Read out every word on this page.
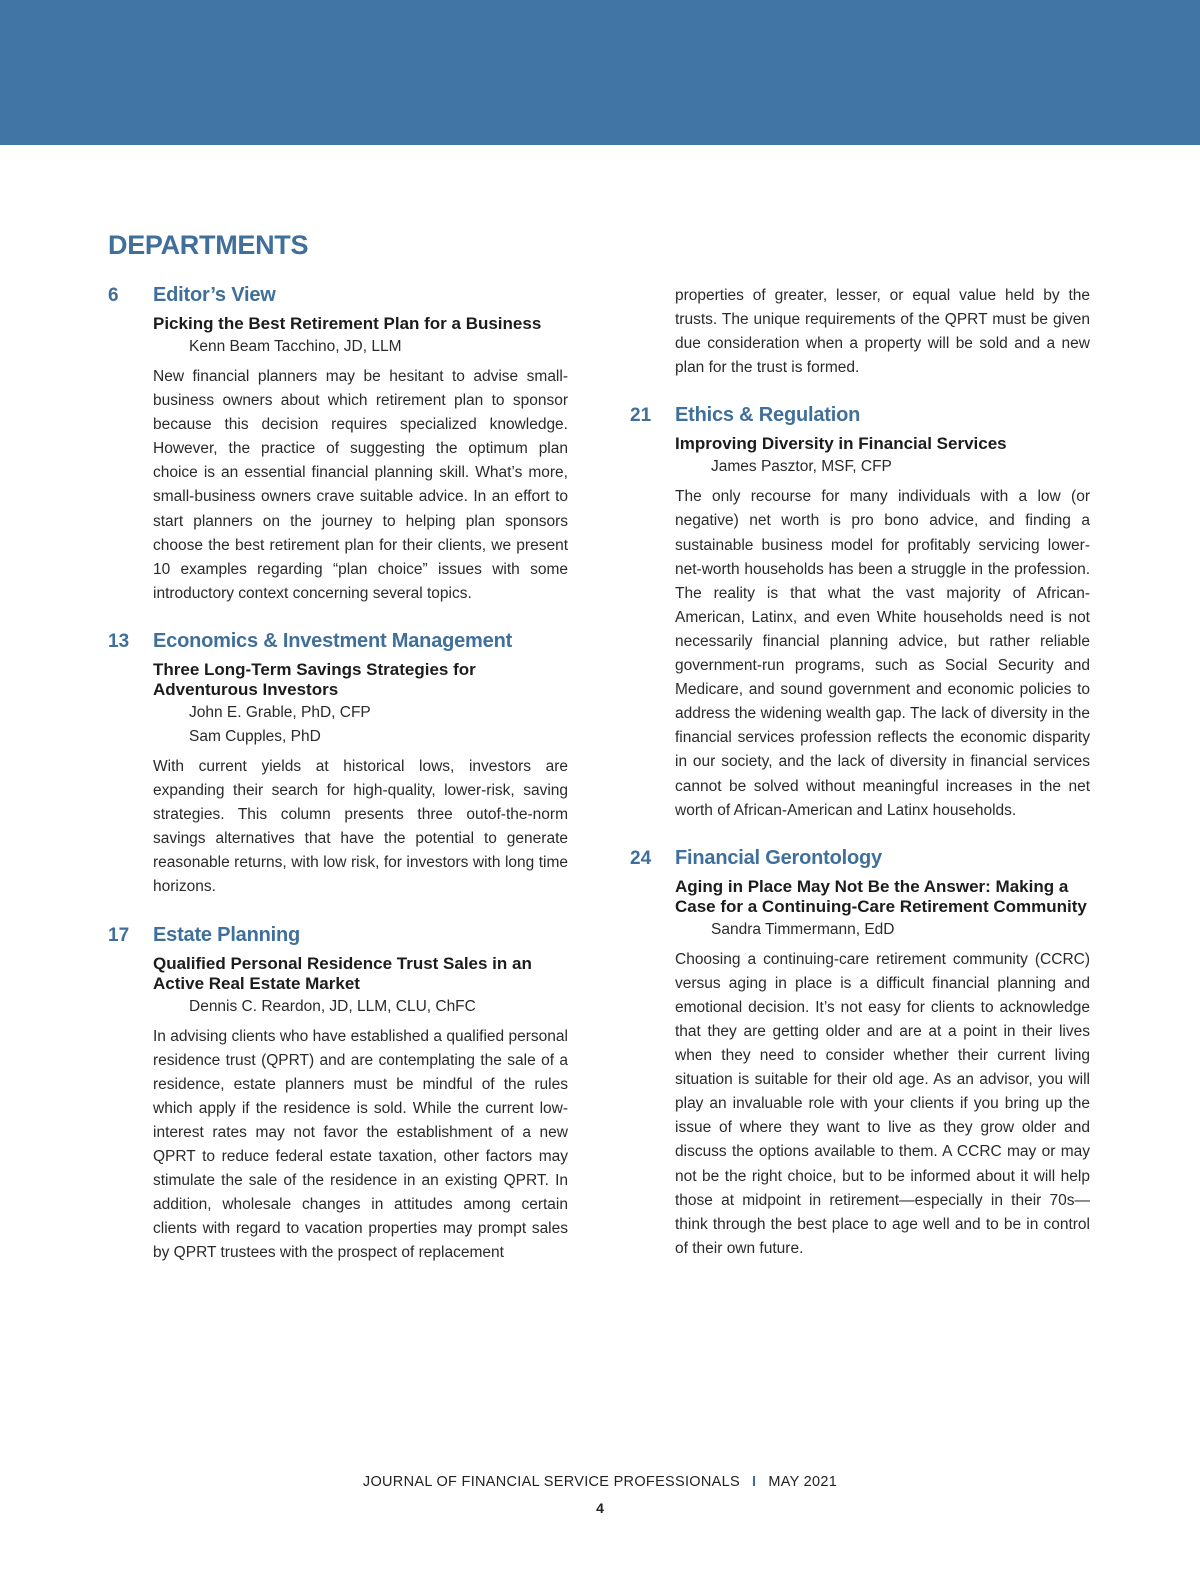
DEPARTMENTS
6	Editor’s View
Picking the Best Retirement Plan for a Business
Kenn Beam Tacchino, JD, LLM

New financial planners may be hesitant to advise small-business owners about which retirement plan to sponsor because this decision requires specialized knowledge. However, the practice of suggesting the optimum plan choice is an essential financial planning skill. What’s more, small-business owners crave suitable advice. In an effort to start planners on the journey to helping plan sponsors choose the best retirement plan for their clients, we present 10 examples regarding “plan choice” issues with some introductory context concerning several topics.

13	Economics & Investment Management
Three Long-Term Savings Strategies for Adventurous Investors
John E. Grable, PhD, CFP
Sam Cupples, PhD

With current yields at historical lows, investors are expanding their search for high-quality, lower-risk, saving strategies. This column presents three outof-the-norm savings alternatives that have the potential to generate reasonable returns, with low risk, for investors with long time horizons.

17	Estate Planning
Qualified Personal Residence Trust Sales in an Active Real Estate Market
Dennis C. Reardon, JD, LLM, CLU, ChFC

In advising clients who have established a qualified personal residence trust (QPRT) and are contemplating the sale of a residence, estate planners must be mindful of the rules which apply if the residence is sold. While the current low-interest rates may not favor the establishment of a new QPRT to reduce federal estate taxation, other factors may stimulate the sale of the residence in an existing QPRT. In addition, wholesale changes in attitudes among certain clients with regard to vacation properties may prompt sales by QPRT trustees with the prospect of replacement

properties of greater, lesser, or equal value held by the trusts. The unique requirements of the QPRT must be given due consideration when a property will be sold and a new plan for the trust is formed.

21	Ethics & Regulation
Improving Diversity in Financial Services
James Pasztor, MSF, CFP

The only recourse for many individuals with a low (or negative) net worth is pro bono advice, and finding a sustainable business model for profitably servicing lower-net-worth households has been a struggle in the profession. The reality is that what the vast majority of African-American, Latinx, and even White households need is not necessarily financial planning advice, but rather reliable government-run programs, such as Social Security and Medicare, and sound government and economic policies to address the widening wealth gap. The lack of diversity in the financial services profession reflects the economic disparity in our society, and the lack of diversity in financial services cannot be solved without meaningful increases in the net worth of African-American and Latinx households.

24	Financial Gerontology
Aging in Place May Not Be the Answer: Making a Case for a Continuing-Care Retirement Community
Sandra Timmermann, EdD

Choosing a continuing-care retirement community (CCRC) versus aging in place is a difficult financial planning and emotional decision. It’s not easy for clients to acknowledge that they are getting older and are at a point in their lives when they need to consider whether their current living situation is suitable for their old age. As an advisor, you will play an invaluable role with your clients if you bring up the issue of where they want to live as they grow older and discuss the options available to them. A CCRC may or may not be the right choice, but to be informed about it will help those at midpoint in retirement—especially in their 70s—think through the best place to age well and to be in control of their own future.

JOURNAL OF FINANCIAL SERVICE PROFESSIONALS I MAY 2021
4
